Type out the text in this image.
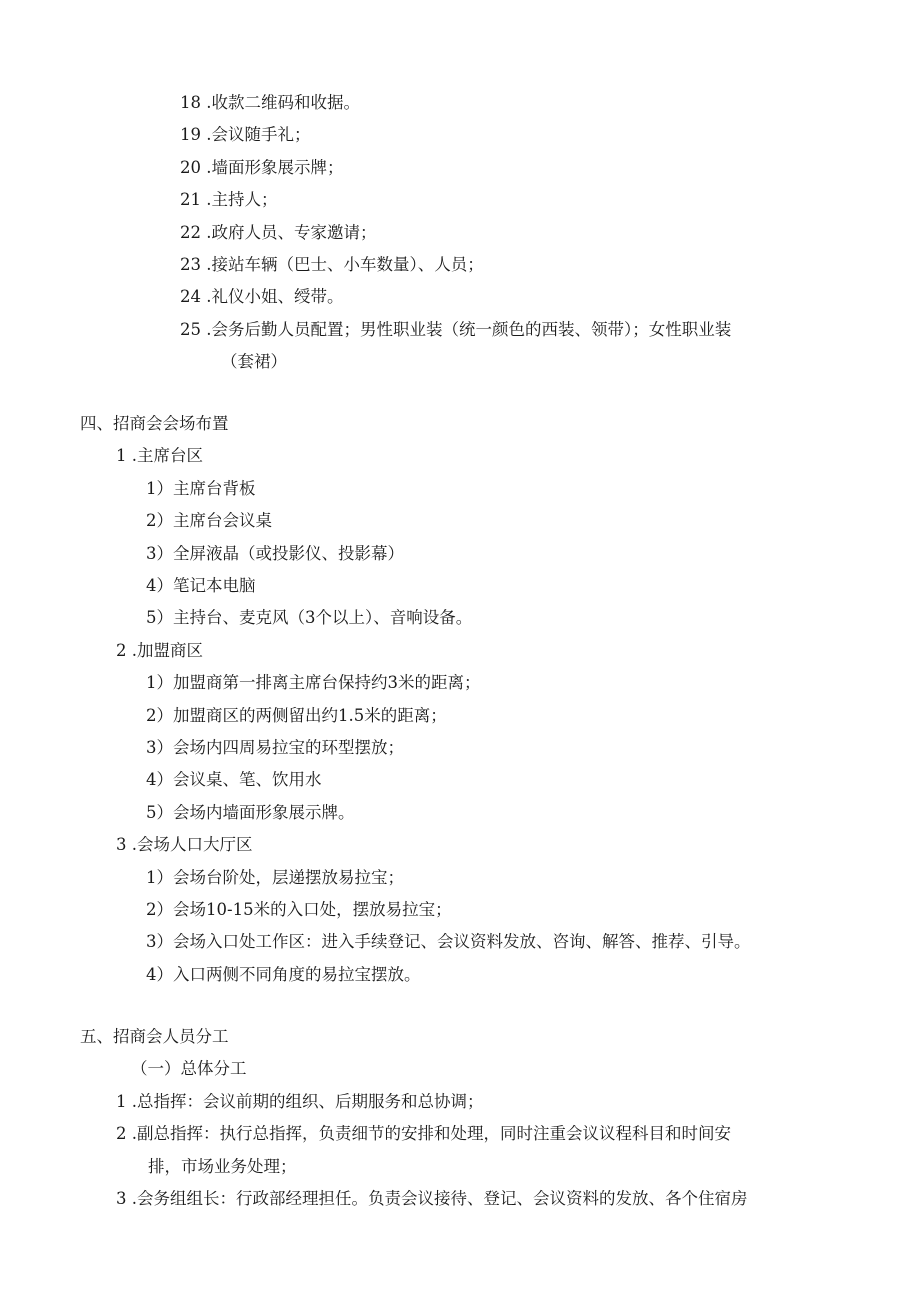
18 .收款二维码和收据。
19 .会议随手礼；
20 .墙面形象展示牌；
21 .主持人；
22 .政府人员、专家邀请；
23 .接站车辆（巴士、小车数量）、人员；
24 .礼仪小姐、绶带。
25 .会务后勤人员配置；男性职业装（统一颜色的西装、领带）；女性职业装
（套裙）
四、招商会会场布置
1 .主席台区
1）主席台背板
2）主席台会议桌
3）全屏液晶（或投影仪、投影幕）
4）笔记本电脑
5）主持台、麦克风（3个以上）、音响设备。
2 .加盟商区
1）加盟商第一排离主席台保持约3米的距离；
2）加盟商区的两侧留出约1.5米的距离；
3）会场内四周易拉宝的环型摆放；
4）会议桌、笔、饮用水
5）会场内墙面形象展示牌。
3 .会场人口大厅区
1）会场台阶处，层递摆放易拉宝；
2）会场10-15米的入口处，摆放易拉宝；
3）会场入口处工作区：进入手续登记、会议资料发放、咨询、解答、推荐、引导。
4）入口两侧不同角度的易拉宝摆放。
五、招商会人员分工
（一）总体分工
1 .总指挥：会议前期的组织、后期服务和总协调；
2 .副总指挥：执行总指挥，负责细节的安排和处理，同时注重会议议程科目和时间安
排，市场业务处理；
3 .会务组组长：行政部经理担任。负责会议接待、登记、会议资料的发放、各个住宿房
